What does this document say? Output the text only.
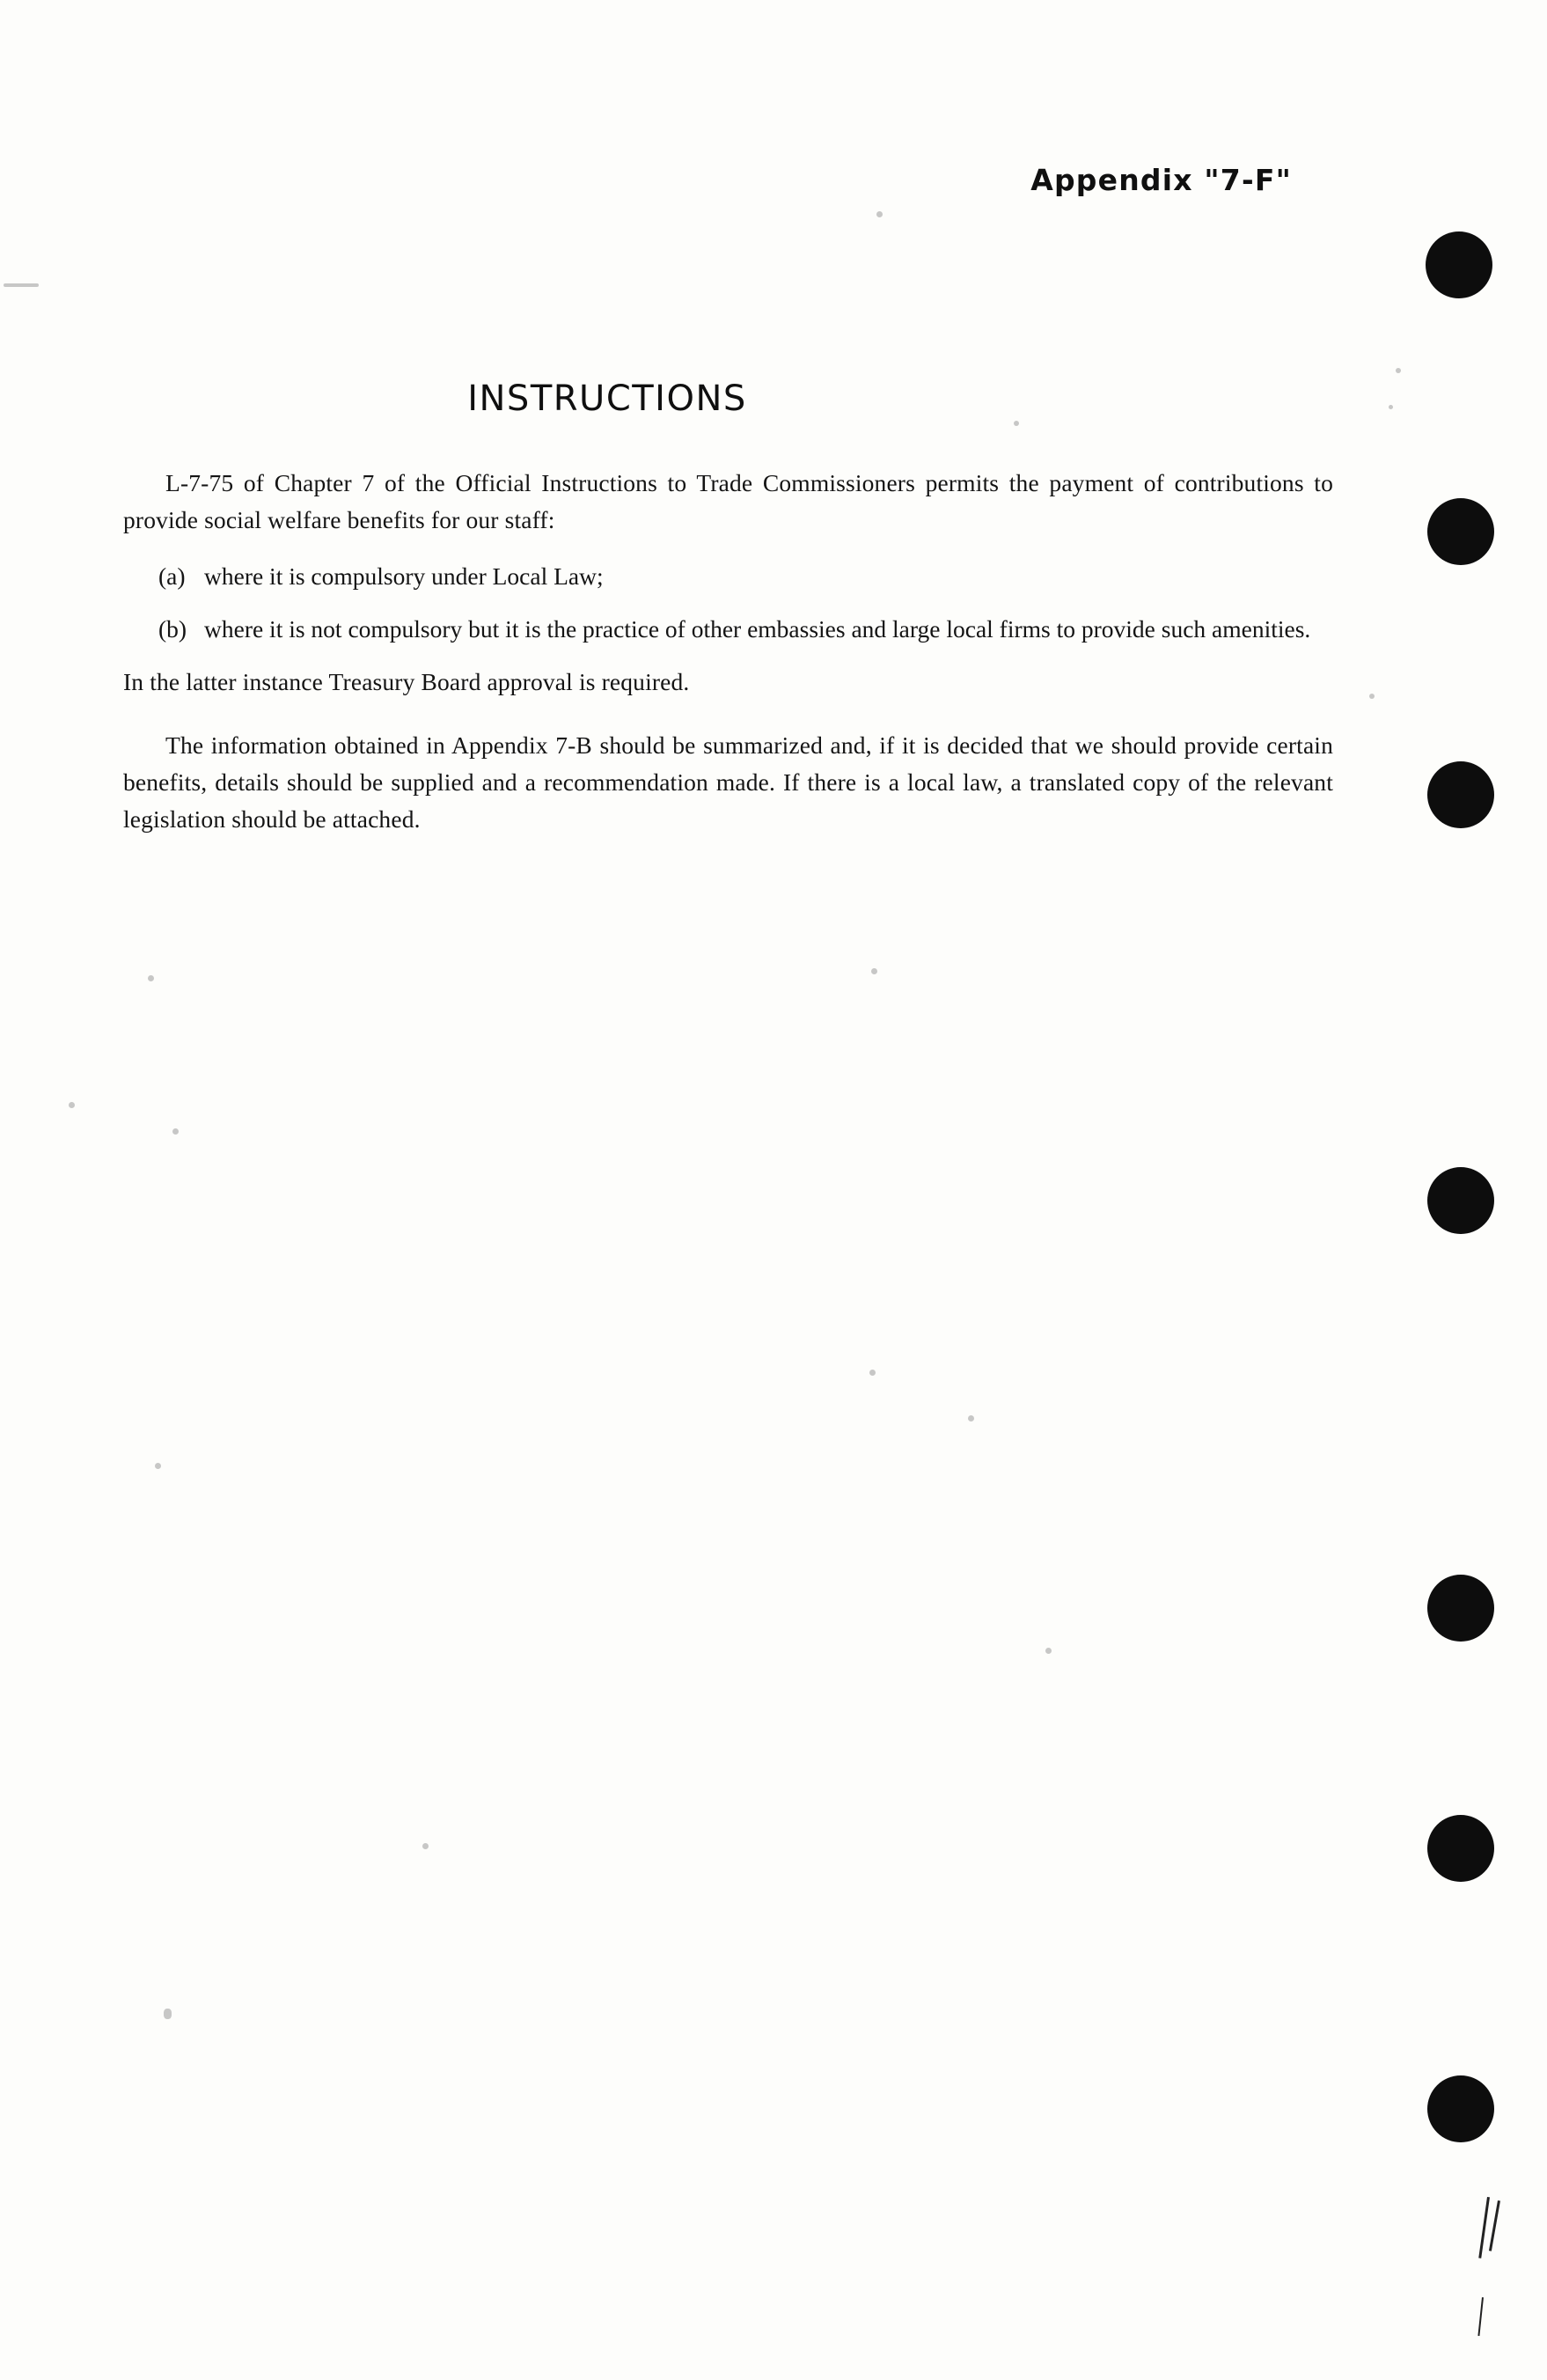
Appendix "7-F"
INSTRUCTIONS

L-7-75 of Chapter 7 of the Official Instructions to Trade Commissioners permits the payment of contributions to provide social welfare benefits for our staff:

(a) where it is compulsory under Local Law;
(b) where it is not compulsory but it is the practice of other embassies and large local firms to provide such amenities.

In the latter instance Treasury Board approval is required.

The information obtained in Appendix 7-B should be summarized and, if it is decided that we should provide certain benefits, details should be supplied and a recommendation made. If there is a local law, a translated copy of the relevant legislation should be attached.
